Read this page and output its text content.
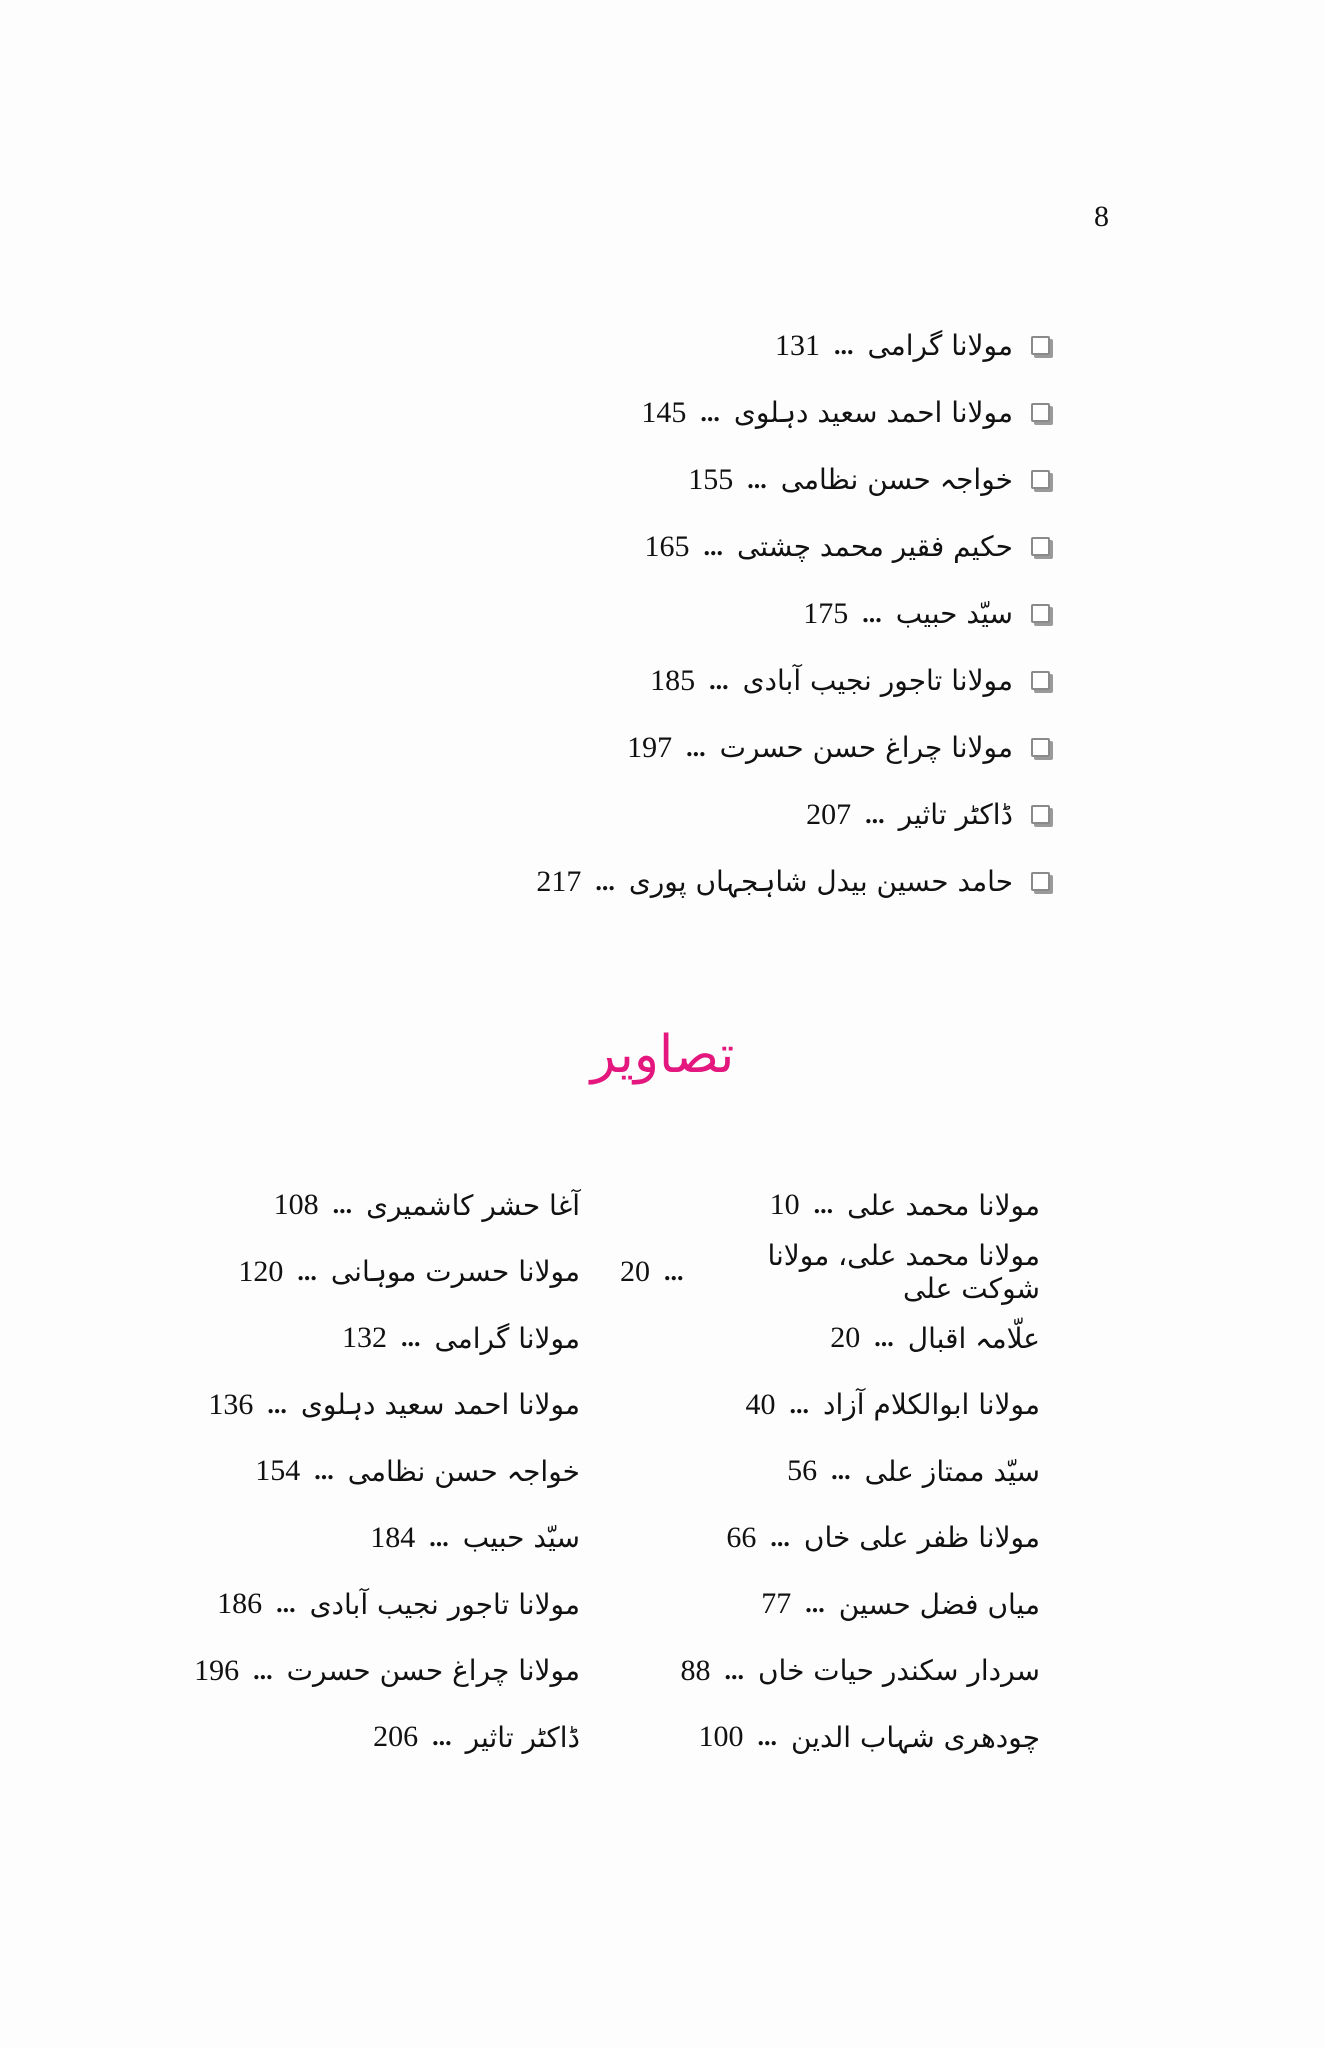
8
مولانا گرامی
...
131
مولانا احمد سعید دہلوی
...
145
خواجہ حسن نظامی
...
155
حکیم فقیر محمد چشتی
...
165
سیّد حبیب
...
175
مولانا تاجور نجیب آبادی
...
185
مولانا چراغ حسن حسرت
...
197
ڈاکٹر تاثیر
...
207
حامد حسین بیدل شاہجہاں پوری
...
217
تصاویر
مولانا محمد علی
...
10
مولانا محمد علی، مولانا شوکت علی
...
20
علّامہ اقبال
...
20
مولانا ابوالکلام آزاد
...
40
سیّد ممتاز علی
...
56
مولانا ظفر علی خاں
...
66
میاں فضل حسین
...
77
سردار سکندر حیات خاں
...
88
چودھری شہاب الدین
...
100
آغا حشر کاشمیری
...
108
مولانا حسرت موہانی
...
120
مولانا گرامی
...
132
مولانا احمد سعید دہلوی
...
136
خواجہ حسن نظامی
...
154
سیّد حبیب
...
184
مولانا تاجور نجیب آبادی
...
186
مولانا چراغ حسن حسرت
...
196
ڈاکٹر تاثیر
...
206
